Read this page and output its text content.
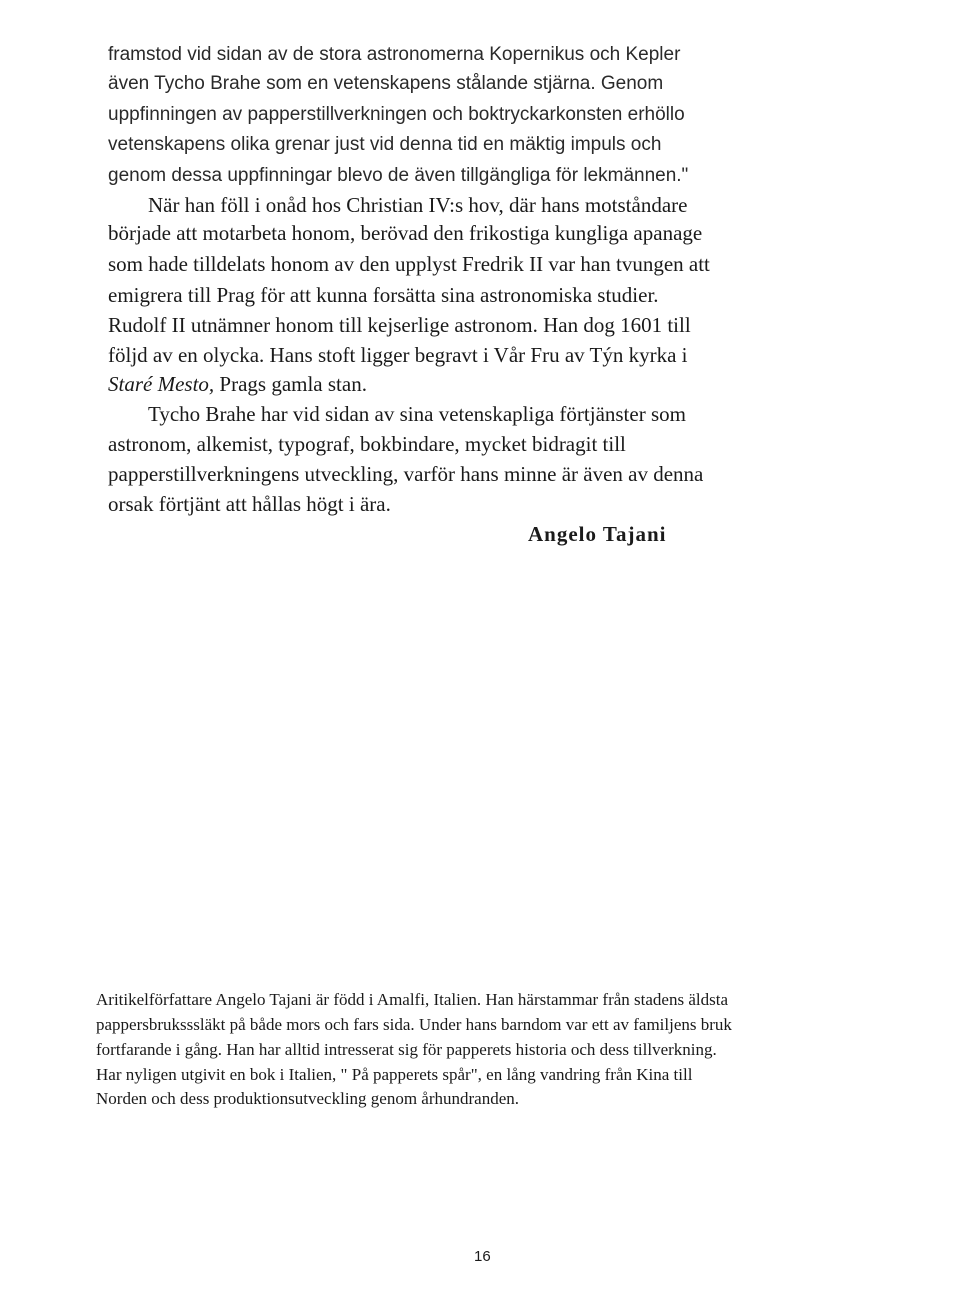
framstod vid sidan av de stora astronomerna Kopernikus och Kepler
även Tycho Brahe som en vetenskapens stålande stjärna. Genom
uppfinningen av papperstillverkningen och boktryckarkonsten erhöllo
vetenskapens olika grenar just vid denna tid en mäktig impuls och
genom dessa uppfinningar blevo de även tillgängliga för lekmännen."
När han föll i onåd hos Christian IV:s hov, där hans motståndare
började att motarbeta honom, berövad den frikostiga kungliga apanage
som hade tilldelats honom av den upplyst Fredrik II var han tvungen att
emigrera till Prag för att kunna forsätta sina astronomiska studier.
Rudolf II utnämner honom till kejserlige astronom. Han dog 1601 till
följd av en olycka. Hans stoft ligger begravt i Vår Fru av Týn kyrka i
Staré Mesto, Prags gamla stan.
Tycho Brahe har vid sidan av sina vetenskapliga förtjänster som
astronom, alkemist, typograf, bokbindare, mycket bidragit till
papperstillverkningens utveckling, varför hans minne är även av denna
orsak förtjänt att hållas högt i ära.
Angelo Tajani
Aritikelförfattare Angelo Tajani är född i Amalfi, Italien. Han härstammar från stadens äldsta
pappersbruksssläkt på både mors och fars sida. Under hans barndom var ett av familjens bruk
fortfarande i gång. Han har alltid intresserat sig för papperets historia och dess tillverkning.
Har nyligen utgivit en bok i Italien, " På papperets spår", en lång vandring från Kina till
Norden och dess produktionsutveckling genom århundranden.
16
